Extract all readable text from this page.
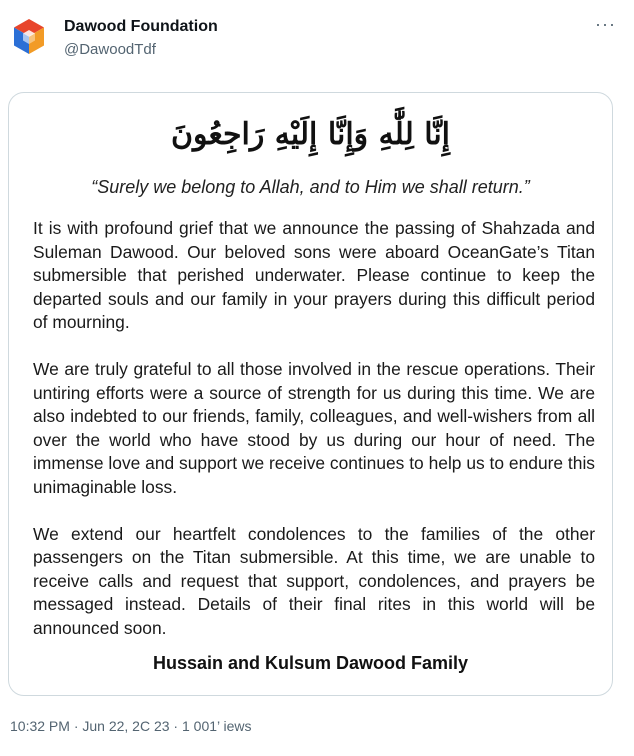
Dawood Foundation
@DawoodTdf
···
إِنَّا لِلَّٰهِ وَإِنَّا إِلَيْهِ رَاجِعُونَ
“Surely we belong to Allah, and to Him we shall return.”

It is with profound grief that we announce the passing of Shahzada and Suleman Dawood. Our beloved sons were aboard OceanGate’s Titan submersible that perished underwater. Please continue to keep the departed souls and our family in your prayers during this difficult period of mourning.

We are truly grateful to all those involved in the rescue operations. Their untiring efforts were a source of strength for us during this time. We are also indebted to our friends, family, colleagues, and well-wishers from all over the world who have stood by us during our hour of need. The immense love and support we receive continues to help us to endure this unimaginable loss.

We extend our heartfelt condolences to the families of the other passengers on the Titan submersible. At this time, we are unable to receive calls and request that support, condolences, and prayers be messaged instead. Details of their final rites in this world will be announced soon.

Hussain and Kulsum Dawood Family
10:32 PM · Jun 22, 2C 23 · 1 001’ iews
